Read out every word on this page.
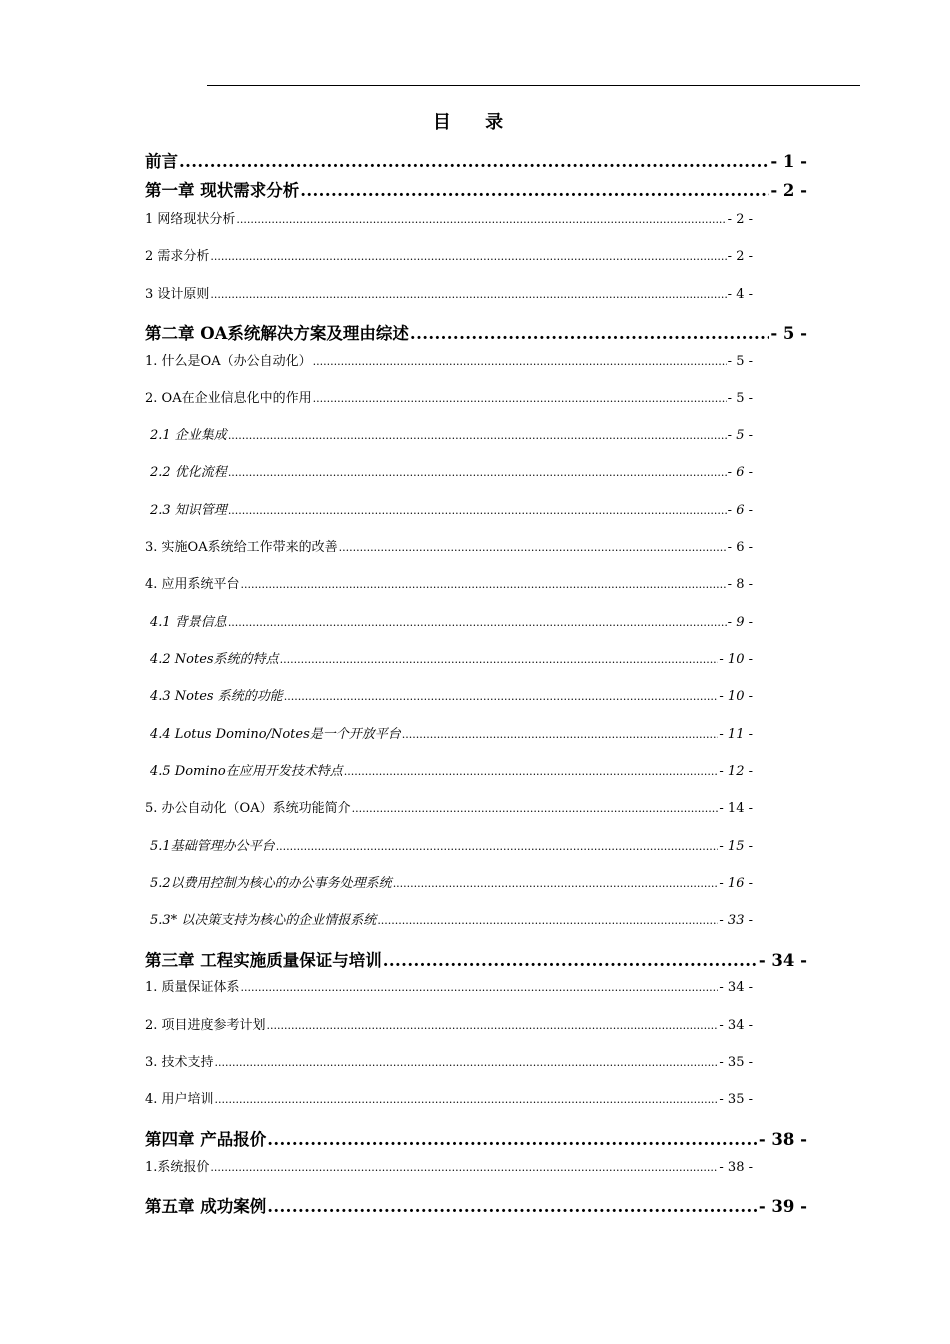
目 录
前言 .....	- 1 -
第一章 现状需求分析 .....	- 2 -
1 网络现状分析 .....	- 2 -
2 需求分析 .....	- 2 -
3 设计原则 .....	- 4 -
第二章 OA系统解决方案及理由综述 .....	- 5 -
1. 什么是OA（办公自动化） .....	- 5 -
2. OA在企业信息化中的作用 .....	- 5 -
2.1 企业集成 .....	- 5 -
2.2 优化流程 .....	- 6 -
2.3 知识管理 .....	- 6 -
3. 实施OA系统给工作带来的改善 .....	- 6 -
4. 应用系统平台 .....	- 8 -
4.1 背景信息 .....	- 9 -
4.2 Notes系统的特点 .....	- 10 -
4.3 Notes 系统的功能 .....	- 10 -
4.4 Lotus Domino/Notes是一个开放平台 .....	- 11 -
4.5 Domino在应用开发技术特点 .....	- 12 -
5. 办公自动化（OA）系统功能简介 .....	- 14 -
5.1基础管理办公平台 .....	- 15 -
5.2以费用控制为核心的办公事务处理系统 .....	- 16 -
5.3* 以决策支持为核心的企业情报系统 .....	- 33 -
第三章 工程实施质量保证与培训 .....	- 34 -
1. 质量保证体系 .....	- 34 -
2. 项目进度参考计划 .....	- 34 -
3. 技术支持 .....	- 35 -
4. 用户培训 .....	- 35 -
第四章 产品报价 .....	- 38 -
1.系统报价 .....	- 38 -
第五章 成功案例 .....	- 39 -
